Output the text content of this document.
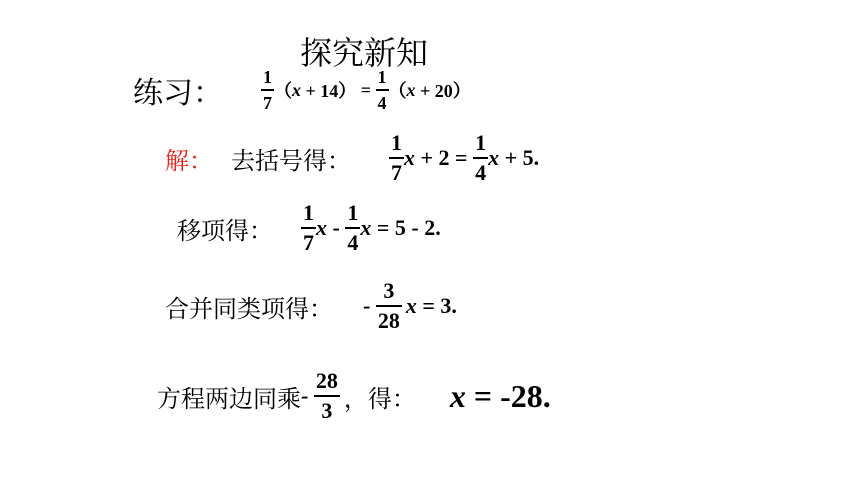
探究新知
练习： $\frac{1}{7}$ （ $x + 14) = \frac{1}{4}$ （ x + 20）
解： 去括号得： $\frac{1}{7}$ $x + 2 = \frac{1}{4}$ x + 5.
移项得： $\frac{1}{7}$ x - $\frac{1}{4}$ x = 5 - 2.
合并同类项得： - $\frac{3}{28}$ x = 3.
方程两边同乘 - $\frac{28}{3}$ ，得： x = -28.
